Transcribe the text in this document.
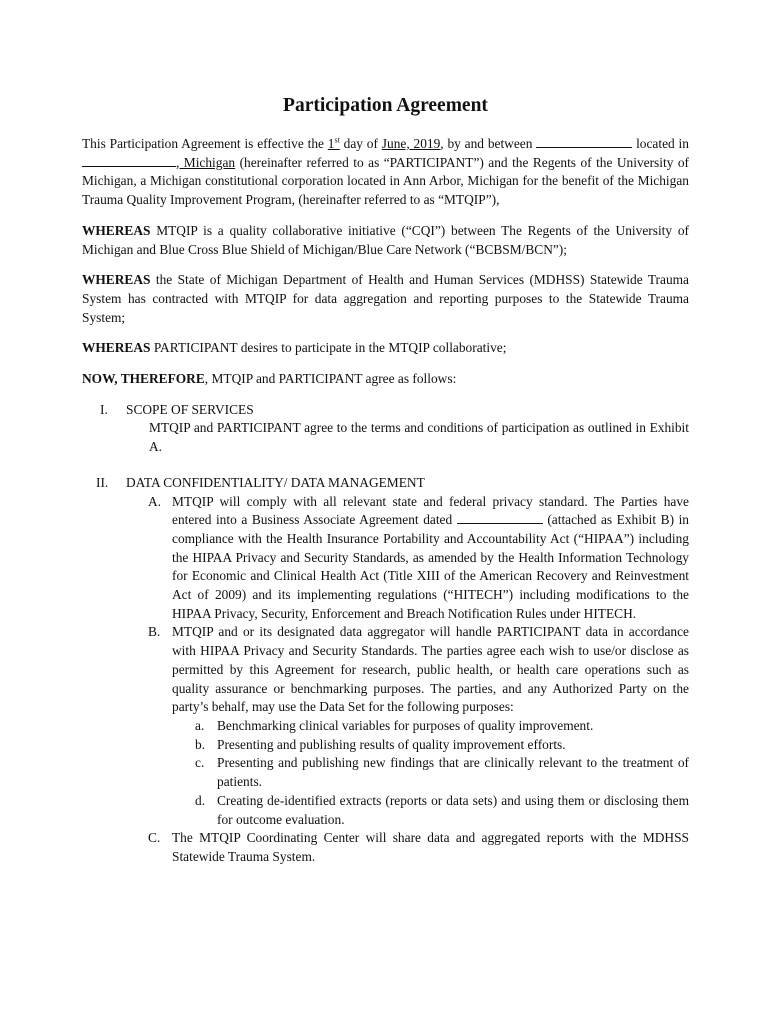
Participation Agreement

This Participation Agreement is effective the 1st day of June, 2019, by and between	located in , Michigan (hereinafter referred to as “PARTICIPANT”) and the Regents of the University of Michigan, a Michigan constitutional corporation located in Ann Arbor, Michigan for the benefit of the Michigan Trauma Quality Improvement Program, (hereinafter referred to as “MTQIP”),

WHEREAS MTQIP is a quality collaborative initiative (“CQI”) between The Regents of the University of Michigan and Blue Cross Blue Shield of Michigan/Blue Care Network (“BCBSM/BCN”);

WHEREAS the State of Michigan Department of Health and Human Services (MDHSS) Statewide Trauma System has contracted with MTQIP for data aggregation and reporting purposes to the Statewide Trauma System;

WHEREAS PARTICIPANT desires to participate in the MTQIP collaborative;

NOW, THEREFORE, MTQIP and PARTICIPANT agree as follows:

I.	SCOPE OF SERVICES
MTQIP and PARTICIPANT agree to the terms and conditions of participation as outlined in Exhibit A.
II.	DATA CONFIDENTIALITY/ DATA MANAGEMENT
A. MTQIP will comply with all relevant state and federal privacy standard. The Parties have entered into a Business Associate Agreement dated	(attached as Exhibit B) in compliance with the Health Insurance Portability and Accountability Act (“HIPAA”) including the HIPAA Privacy and Security Standards, as amended by the Health Information Technology for Economic and Clinical Health Act (Title XIII of the American Recovery and Reinvestment Act of 2009) and its implementing regulations (“HITECH”) including modifications to the HIPAA Privacy, Security, Enforcement and Breach Notification Rules under HITECH.
B. MTQIP and or its designated data aggregator will handle PARTICIPANT data in accordance with HIPAA Privacy and Security Standards. The parties agree each wish to use/or disclose as permitted by this Agreement for research, public health, or health care operations such as quality assurance or benchmarking purposes. The parties, and any Authorized Party on the party’s behalf, may use the Data Set for the following purposes:
a. Benchmarking clinical variables for purposes of quality improvement.
b. Presenting and publishing results of quality improvement efforts.
c. Presenting and publishing new findings that are clinically relevant to the treatment of patients.
d. Creating de-identified extracts (reports or data sets) and using them or disclosing them for outcome evaluation.
C. The MTQIP Coordinating Center will share data and aggregated reports with the MDHSS Statewide Trauma System.
